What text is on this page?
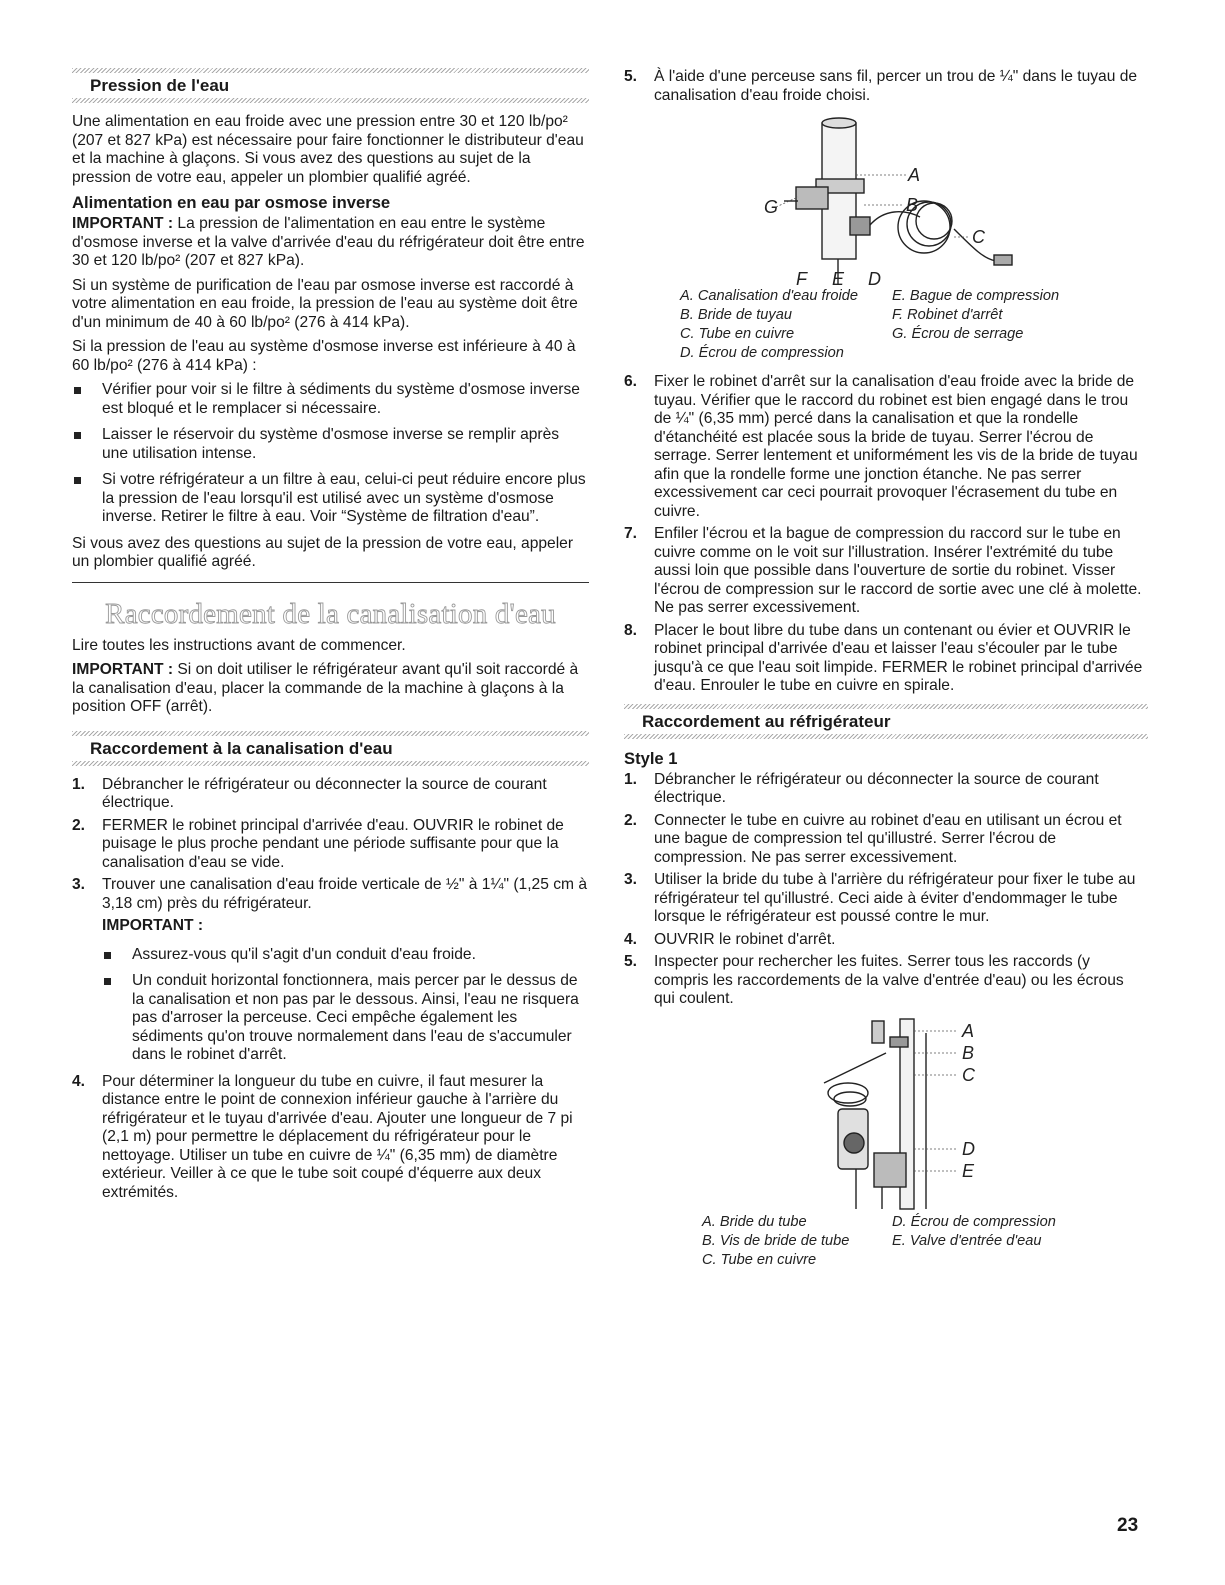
Pression de l'eau

Une alimentation en eau froide avec une pression entre 30 et 120 lb/po² (207 et 827 kPa) est nécessaire pour faire fonctionner le distributeur d'eau et la machine à glaçons. Si vous avez des questions au sujet de la pression de votre eau, appeler un plombier qualifié agréé.

Alimentation en eau par osmose inverse

IMPORTANT : La pression de l'alimentation en eau entre le système d'osmose inverse et la valve d'arrivée d'eau du réfrigérateur doit être entre 30 et 120 lb/po² (207 et 827 kPa).

Si un système de purification de l'eau par osmose inverse est raccordé à votre alimentation en eau froide, la pression de l'eau au système doit être d'un minimum de 40 à 60 lb/po² (276 à 414 kPa).

Si la pression de l'eau au système d'osmose inverse est inférieure à 40 à 60 lb/po² (276 à 414 kPa) :

Vérifier pour voir si le filtre à sédiments du système d'osmose inverse est bloqué et le remplacer si nécessaire.
Laisser le réservoir du système d'osmose inverse se remplir après une utilisation intense.
Si votre réfrigérateur a un filtre à eau, celui-ci peut réduire encore plus la pression de l'eau lorsqu'il est utilisé avec un système d'osmose inverse. Retirer le filtre à eau. Voir “Système de filtration d'eau”.

Si vous avez des questions au sujet de la pression de votre eau, appeler un plombier qualifié agréé.

Raccordement de la canalisation d'eau

Lire toutes les instructions avant de commencer.

IMPORTANT : Si on doit utiliser le réfrigérateur avant qu'il soit raccordé à la canalisation d'eau, placer la commande de la machine à glaçons à la position OFF (arrêt).

Raccordement à la canalisation d'eau
1. Débrancher le réfrigérateur ou déconnecter la source de courant électrique.
2. FERMER le robinet principal d'arrivée d'eau. OUVRIR le robinet de puisage le plus proche pendant une période suffisante pour que la canalisation d'eau se vide.
3. Trouver une canalisation d'eau froide verticale de ½" à 1¼" (1,25 cm à 3,18 cm) près du réfrigérateur.
IMPORTANT :
Assurez-vous qu'il s'agit d'un conduit d'eau froide.
Un conduit horizontal fonctionnera, mais percer par le dessus de la canalisation et non pas par le dessous. Ainsi, l'eau ne risquera pas d'arroser la perceuse. Ceci empêche également les sédiments qu'on trouve normalement dans l'eau de s'accumuler dans le robinet d'arrêt.
4. Pour déterminer la longueur du tube en cuivre, il faut mesurer la distance entre le point de connexion inférieur gauche à l'arrière du réfrigérateur et le tuyau d'arrivée d'eau. Ajouter une longueur de 7 pi (2,1 m) pour permettre le déplacement du réfrigérateur pour le nettoyage. Utiliser un tube en cuivre de ¼" (6,35 mm) de diamètre extérieur. Veiller à ce que le tube soit coupé d'équerre aux deux extrémités.
5. À l'aide d'une perceuse sans fil, percer un trou de ¼" dans le tuyau de canalisation d'eau froide choisi.
A
B
C
D
E
F
G
A. Canalisation d'eau froide
B. Bride de tuyau
C. Tube en cuivre
D. Écrou de compression
E. Bague de compression
F. Robinet d'arrêt
G. Écrou de serrage
6. Fixer le robinet d'arrêt sur la canalisation d'eau froide avec la bride de tuyau. Vérifier que le raccord du robinet est bien engagé dans le trou de ¼" (6,35 mm) percé dans la canalisation et que la rondelle d'étanchéité est placée sous la bride de tuyau. Serrer l'écrou de serrage. Serrer lentement et uniformément les vis de la bride de tuyau afin que la rondelle forme une jonction étanche. Ne pas serrer excessivement car ceci pourrait provoquer l'écrasement du tube en cuivre.
7. Enfiler l'écrou et la bague de compression du raccord sur le tube en cuivre comme on le voit sur l'illustration. Insérer l'extrémité du tube aussi loin que possible dans l'ouverture de sortie du robinet. Visser l'écrou de compression sur le raccord de sortie avec une clé à molette. Ne pas serrer excessivement.
8. Placer le bout libre du tube dans un contenant ou évier et OUVRIR le robinet principal d'arrivée d'eau et laisser l'eau s'écouler par le tube jusqu'à ce que l'eau soit limpide. FERMER le robinet principal d'arrivée d'eau. Enrouler le tube en cuivre en spirale.
Raccordement au réfrigérateur
Style 1
1. Débrancher le réfrigérateur ou déconnecter la source de courant électrique.
2. Connecter le tube en cuivre au robinet d'eau en utilisant un écrou et une bague de compression tel qu'illustré. Serrer l'écrou de compression. Ne pas serrer excessivement.
3. Utiliser la bride du tube à l'arrière du réfrigérateur pour fixer le tube au réfrigérateur tel qu'illustré. Ceci aide à éviter d'endommager le tube lorsque le réfrigérateur est poussé contre le mur.
4. OUVRIR le robinet d'arrêt.
5. Inspecter pour rechercher les fuites. Serrer tous les raccords (y compris les raccordements de la valve d'entrée d'eau) ou les écrous qui coulent.
A
B
C
D
E
A. Bride du tube
B. Vis de bride de tube
C. Tube en cuivre
D. Écrou de compression
E. Valve d'entrée d'eau
23
